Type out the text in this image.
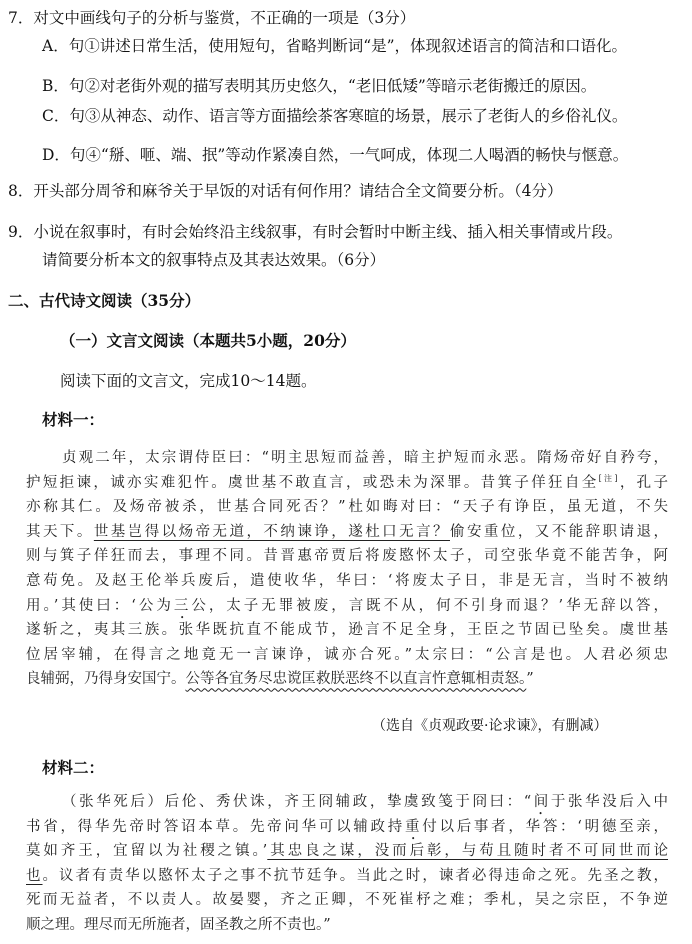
7．对文中画线句子的分析与鉴赏，不正确的一项是（3分）
A．句①讲述日常生活，使用短句，省略判断词“是”，体现叙述语言的简洁和口语化。
B．句②对老街外观的描写表明其历史悠久，“老旧低矮”等暗示老街搬迁的原因。
C．句③从神态、动作、语言等方面描绘茶客寒暄的场景，展示了老街人的乡俗礼仪。
D．句④“掰、咂、端、抿”等动作紧凑自然，一气呵成，体现二人喝酒的畅快与惬意。
8．开头部分周爷和麻爷关于早饭的对话有何作用？请结合全文简要分析。（4分）
9．小说在叙事时，有时会始终沿主线叙事，有时会暂时中断主线、插入相关事情或片段。
请简要分析本文的叙事特点及其表达效果。（6分）
二、古代诗文阅读（35分）
（一）文言文阅读（本题共5小题，20分）
阅读下面的文言文，完成10～14题。
材料一：
贞观二年，太宗谓侍臣曰：“明主思短而益善，暗主护短而永恶。隋炀帝好自矜夸，
护短拒谏，诚亦实难犯忤。虞世基不敢直言，或恐未为深罪。昔箕子佯狂自全[注]，孔子
亦称其仁。及炀帝被杀，世基合同死否？”杜如晦对曰：“天子有诤臣，虽无道，不失
其天下。世基岂得以炀帝无道，不纳谏诤，遂杜口无言？偷安重位，又不能辞职请退，
则与箕子佯狂而去，事理不同。昔晋惠帝贾后将废愍怀太子，司空张华竟不能苦争，阿
意苟免。及赵王伦举兵废后，遣使收华，华曰：‘将废太子日，非是无言，当时不被纳
用。’其使曰：‘公为三公，太子无罪被废，言既不从，何不引身而退？’华无辞以答，
遂斩之，夷其三族。张华既抗直不能成节，逊言不足全身，王臣之节固已坠矣。虞世基
位居宰辅，在得言之地竟无一言谏诤，诚亦合死。”太宗曰：“公言是也。人君必须忠
良辅弼，乃得身安国宁。公等各宜务尽忠谠匡救朕恶终不以直言忤意辄相责怒。”
（选自《贞观政要·论求谏》，有删减）
材料二：
（张华死后）后伦、秀伏诛，齐王冏辅政，挚虞致笺于冏曰：“间于张华没后入中
书省，得华先帝时答诏本草。先帝问华可以辅政持重付以后事者，华答：‘明德至亲，
莫如齐王，宜留以为社稷之镇。’其忠良之谋，没而后彰，与苟且随时者不可同世而论
也。议者有责华以愍怀太子之事不抗节廷争。当此之时，谏者必得违命之死。先圣之教，
死而无益者，不以责人。故晏婴，齐之正卿，不死崔杼之难；季札，吴之宗臣，不争逆
顺之理。理尽而无所施者，固圣教之所不责也。”
